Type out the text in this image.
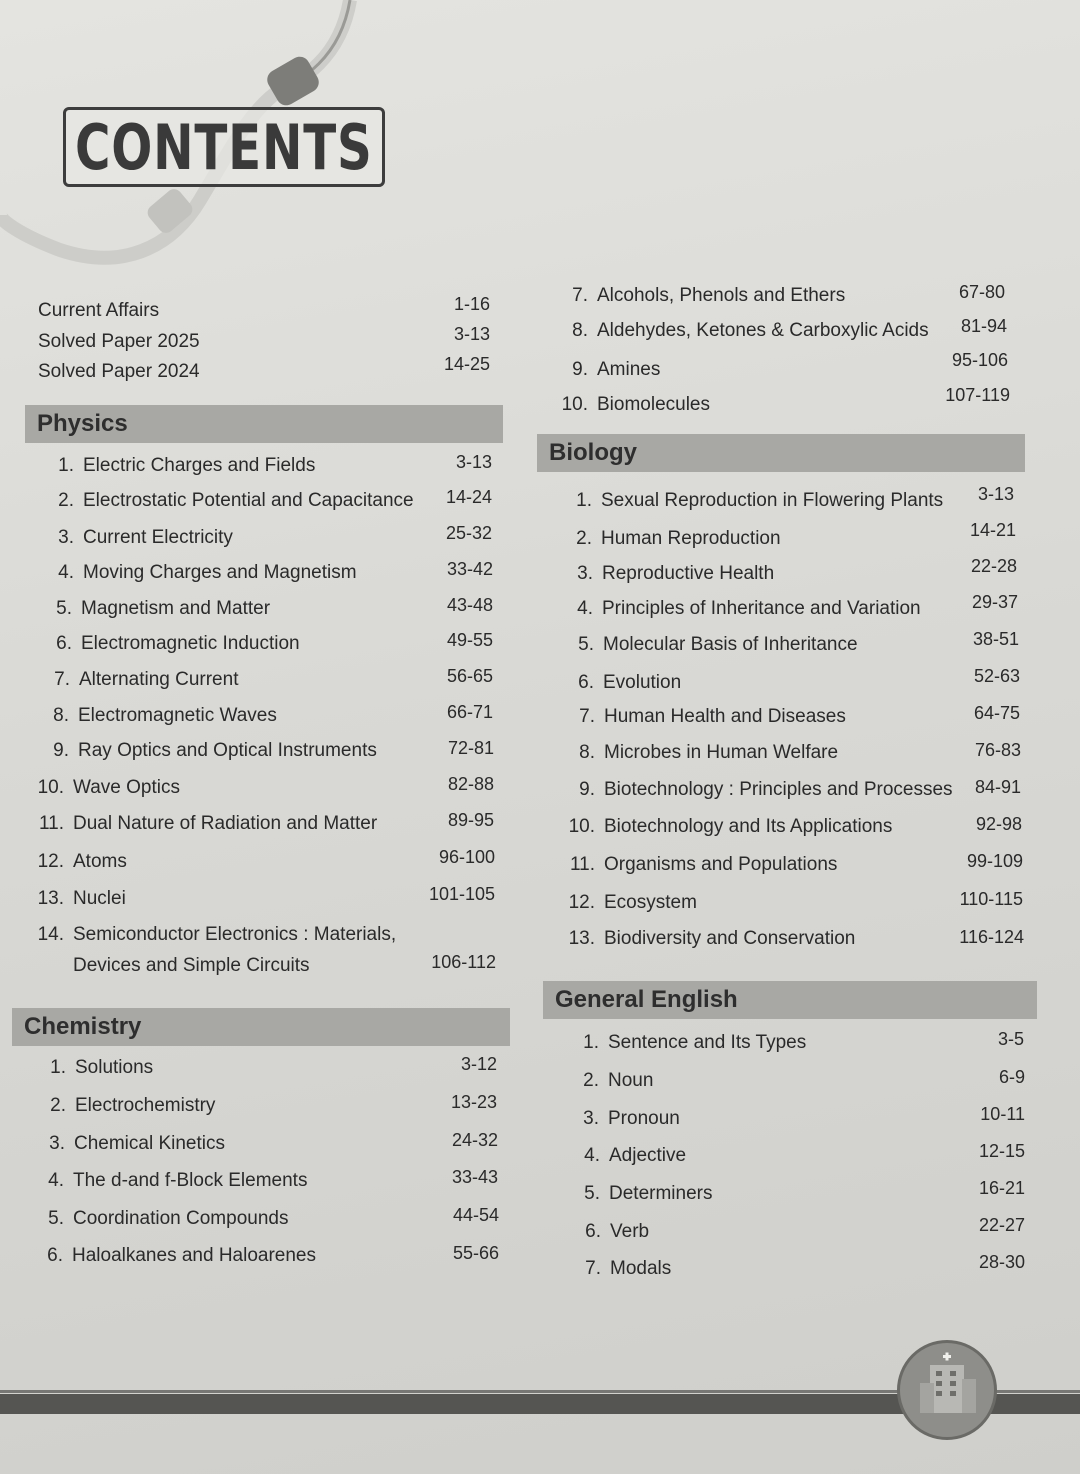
CONTENTS
Current Affairs	1-16
Solved Paper 2025	3-13
Solved Paper 2024	14-25
Physics
1. Electric Charges and Fields	3-13
2. Electrostatic Potential and Capacitance	14-24
3. Current Electricity	25-32
4. Moving Charges and Magnetism	33-42
5. Magnetism and Matter	43-48
6. Electromagnetic Induction	49-55
7. Alternating Current	56-65
8. Electromagnetic Waves	66-71
9. Ray Optics and Optical Instruments	72-81
10. Wave Optics	82-88
11. Dual Nature of Radiation and Matter	89-95
12. Atoms	96-100
13. Nuclei	101-105
14. Semiconductor Electronics : Materials,
Devices and Simple Circuits	106-112
Chemistry
1. Solutions	3-12
2. Electrochemistry	13-23
3. Chemical Kinetics	24-32
4. The d-and f-Block Elements	33-43
5. Coordination Compounds	44-54
6. Haloalkanes and Haloarenes	55-66
7. Alcohols, Phenols and Ethers	67-80
8. Aldehydes, Ketones & Carboxylic Acids	81-94
9. Amines	95-106
10. Biomolecules	107-119
Biology
1. Sexual Reproduction in Flowering Plants	3-13
2. Human Reproduction	14-21
3. Reproductive Health	22-28
4. Principles of Inheritance and Variation	29-37
5. Molecular Basis of Inheritance	38-51
6. Evolution	52-63
7. Human Health and Diseases	64-75
8. Microbes in Human Welfare	76-83
9. Biotechnology : Principles and Processes	84-91
10. Biotechnology and Its Applications	92-98
11. Organisms and Populations	99-109
12. Ecosystem	110-115
13. Biodiversity and Conservation	116-124
General English
1. Sentence and Its Types	3-5
2. Noun	6-9
3. Pronoun	10-11
4. Adjective	12-15
5. Determiners	16-21
6. Verb	22-27
7. Modals	28-30
